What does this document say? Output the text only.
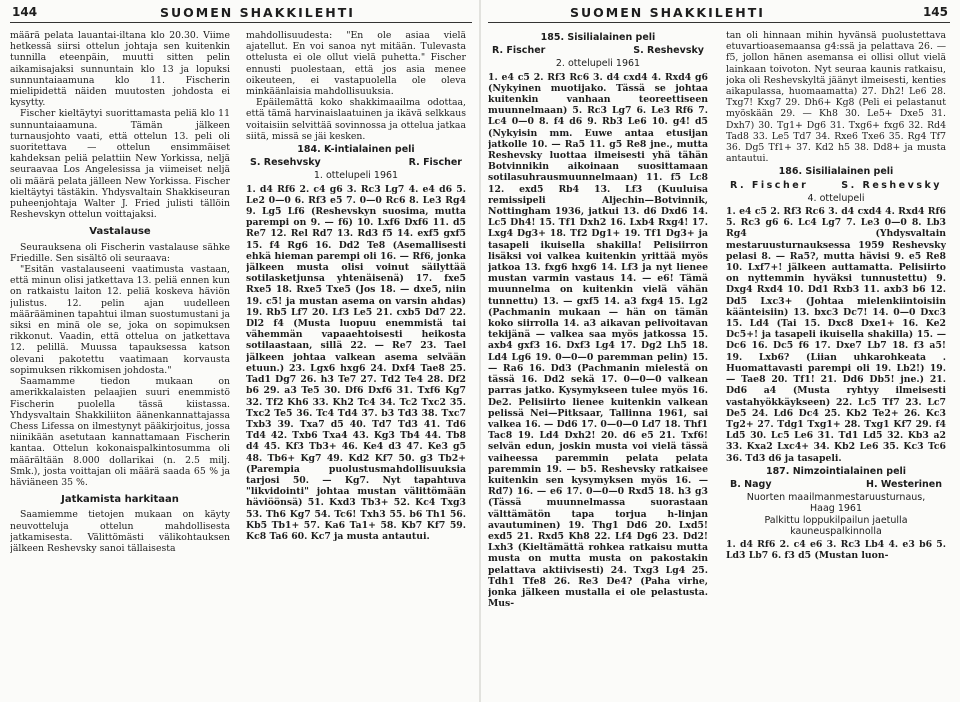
144	SUOMEN SHAKKILEHTI

määrä pelata lauantai-iltana klo 20.30. Viime hetkessä siirsi ottelun johtaja sen kuitenkin tunnilla eteenpäin, muutti sitten pelin aikamisajaksi sunnuntain klo 13 ja lopuksi sunnuntaiaamuna klo 11. Fischerin mielipidettä näiden muutosten johdosta ei kysytty.

Fischer kieltäytyi suorittamasta peliä klo 11 sunnuntaiaamuna. Tämän jälkeen turnausjohto vaati, että ottelun 13. peli oli suoritettava — ottelun ensimmäiset kahdeksan peliä pelattiin New Yorkissa, neljä seuraavaa Los Angelesissa ja viimeiset neljä oli määrä pelata jälleen New Yorkissa. Fischer kieltäytyi tästäkin. Yhdysvaltain Shakkiseuran puheenjohtaja Walter J. Fried julisti tällöin Reshevskyn ottelun voittajaksi.

Vastalause

Seurauksena oli Fischerin vastalause sähke Friedille. Sen sisältö oli seuraava:

"Esitän vastalauseeni vaatimusta vastaan, että minun olisi jatkettava 13. peliä ennen kun on ratkaistu laiton 12. peliä koskeva häviön julistus. 12. pelin ajan uudelleen määrääminen tapahtui ilman suostumustani ja siksi en minä ole se, joka on sopimuksen rikkonut. Vaadin, että ottelua on jatkettava 12. pelillä. Muussa tapauksessa katson olevani pakotettu vaatimaan korvausta sopimuksen rikkomisen johdosta."

Saamamme tiedon mukaan on amerikkalaisten pelaajien suuri enemmistö Fischerin puolella tässä kiistassa. Yhdysvaltain Shakkiliiton äänenkannattajassa Chess Lifessa on ilmestynyt pääkirjoitus, jossa niinikään asetutaan kannattamaan Fischerin kantaa. Ottelun kokonaispalkintosumma oli määrältään 8.000 dollarikai (n. 2.5 milj. Smk.), josta voittajan oli määrä saada 65 % ja häviäneen 35 %.

Jatkamista harkitaan

Saamiemme tietojen mukaan on käyty neuvotteluja ottelun mahdollisesta jatkamisesta. Välittömästi välikohtauksen jälkeen Reshevsky sanoi tällaisesta

mahdollisuudesta: "En ole asiaa vielä ajatellut. En voi sanoa nyt mitään. Tulevasta ottelusta ei ole ollut vielä puhetta." Fischer ennusti puolestaan, että jos asia menee oikeuteen, ei vastapuolella ole oleva minkäänlaisia mahdollisuuksia.

Epäilemättä koko shakkimaailma odottaa, että tämä harvinaislaatuinen ja ikävä selkkaus voitaisiin selvittää sovinnossa ja ottelua jatkaa siitä, missä se jäi kesken.

184. K-intialainen peli
S. Resehvsky	R. Fischer
1. ottelupeli 1961

1. d4 Rf6 2. c4 g6 3. Rc3 Lg7 4. e4 d6 5. Le2 0—0 6. Rf3 e5 7. 0—0 Rc6 8. Le3 Rg4 9. Lg5 Lf6 (Reshevskyn suosima, mutta parempi on 9. — f6) 10. Lxf6 Dxf6 11. d5 Re7 12. Rel Rd7 13. Rd3 f5 14. exf5 gxf5 15. f4 Rg6 16. Dd2 Te8 (Asemallisesti ehkä hieman parempi oli 16. — Rf6, jonka jälkeen musta olisi voinut säilyttää sotilasketjunsa yhtenäisenä) 17. fxe5 Rxe5 18. Rxe5 Txe5 (Jos 18. — dxe5, niin 19. c5! ja mustan asema on varsin ahdas) 19. Rb5 Lf7 20. Lf3 Le5 21. cxb5 Dd7 22. Dl2 f4 (Musta luopuu enemmistä tai vähemmän vapaaehtoisesti heikosta sotilaastaan, sillä 22. — Re7 23. Tael jälkeen johtaa valkean asema selvään etuun.) 23. Lgx6 hxg6 24. Dxf4 Tae8 25. Tad1 Dg7 26. h3 Te7 27. Td2 Te4 28. Df2 b6 29. a3 Te5 30. Df6 Dxf6 31. Txf6 Kg7 32. Tf2 Kh6 33. Kh2 Tc4 34. Tc2 Txc2 35. Txc2 Te5 36. Tc4 Td4 37. b3 Td3 38. Txc7 Txb3 39. Txa7 d5 40. Td7 Td3 41. Td6 Td4 42. Txb6 Txa4 43. Kg3 Tb4 44. Tb8 d4 45. Kf3 Tb3+ 46. Ke4 d3 47. Ke3 g5 48. Tb6+ Kg7 49. Kd2 Kf7 50. g3 Tb2+ (Parempia puolustusmahdollisuuksia tarjosi 50. — Kg7. Nyt tapahtuva "likvidointi" johtaa mustan välittömään häviöönsä) 51. Kxd3 Tb3+ 52. Kc4 Txg3 53. Th6 Kg7 54. Tc6! Txh3 55. b6 Th1 56. Kb5 Tb1+ 57. Ka6 Ta1+ 58. Kb7 Kf7 59. Kc8 Ta6 60. Kc7 ja musta antautui.

SUOMEN SHAKKILEHTI	145
185. Sisilialainen peli
R. Fischer	S. Reshevsky
2. ottelupeli 1961

1. e4 c5 2. Rf3 Rc6 3. d4 cxd4 4. Rxd4 g6 (Nykyinen muotijako. Tässä se johtaa kuitenkin vanhaan teoreettiseen muunnelmaan) 5. Rc3 Lg7 6. Le3 Rf6 7. Lc4 0—0 8. f4 d6 9. Rb3 Le6 10. g4! d5 (Nykyisin mm. Euwe antaa etusijan jatkolle 10. — Ra5 11. g5 Re8 jne., mutta Reshevsky luottaa ilmeisesti yhä tähän Botvinnikin aikoinaan suosittamaan sotilasuhrausmuunnelmaan) 11. f5 Lc8 12. exd5 Rb4 13. Lf3 (Kuuluisa remissipeli Aljechin—Botvinnik, Nottingham 1936, jatkui 13. d6 Dxd6 14. Lc5 Dh4! 15. Tf1 Dxh2 16. Lxb4 Rxg4! 17. Lxg4 Dg3+ 18. Tf2 Dg1+ 19. Tf1 Dg3+ ja tasapeli ikuisella shakilla! Pelisiirron lisäksi voi valkea kuitenkin yrittää myös jatkoa 13. fxg6 hxg6 14. Lf3 ja nyt lienee mustan varmin vastaus 14. — e6! Tämä muunnelma on kuitenkin vielä vähän tunnettu) 13. — gxf5 14. a3 fxg4 15. Lg2 (Pachmanin mukaan — hän on tämän koko siirrolla 14. a3 aikavan pelivoitavan tekijänä — valkea saa myös jatkossa 15. axb4 gxf3 16. Dxf3 Lg4 17. Dg2 Lh5 18. Ld4 Lg6 19. 0—0—0 paremman pelin) 15. — Ra6 16. Dd3 (Pachmanin mielestä on tässä 16. Dd2 sekä 17. 0—0—0 valkean parras jatko. Kysymykseen tulee myös 16. De2. Pelisiirto lienee kuitenkin valkean pelissä Nei—Pitksaar, Tallinna 1961, sai valkea 16. — Dd6 17. 0—0—0 Ld7 18. Thf1 Tac8 19. Ld4 Dxh2! 20. d6 e5 21. Txf6! selvän edun, joskin musta voi vielä tässä vaiheessa paremmin pelata pelata paremmin 19. — b5. Reshevsky ratkaisee kuitenkin sen kysymyksen myös 16. — Rd7) 16. — e6 17. 0—0—0 Rxd5 18. h3 g3 (Tässä muunnelmassa suorastaan välttämätön tapa torjua h-linjan avautuminen) 19. Thg1 Dd6 20. Lxd5! exd5 21. Rxd5 Kh8 22. Lf4 Dg6 23. Dd2! Lxh3 (Kieltämättä rohkea ratkaisu mutta musta on mutta musta on pakostakin pelattava aktiivisesti) 24. Txg3 Lg4 25. Tdh1 Tfe8 26. Re3 De4? (Paha virhe, jonka jälkeen mustalla ei ole pelastusta. Mus-

tan oli hinnaan mihin hyvänsä puolustettava etuvartioasemaansa g4:ssä ja pelattava 26. — f5, jollon hänen asemansa ei ollisi ollut vielä lainkaan toivoton. Nyt seuraa kaunis ratkaisu, joka oli Reshevskyltä jäänyt ilmeisesti, kenties aikapulassa, huomaamatta) 27. Dh2! Le6 28. Txg7! Kxg7 29. Dh6+ Kg8 (Peli ei pelastanut myöskään 29. — Kh8 30. Le5+ Dxe5 31. Dxh7) 30. Tg1+ Dg6 31. Txg6+ fxg6 32. Rd4 Tad8 33. Le5 Td7 34. Rxe6 Txe6 35. Rg4 Tf7 36. Dg5 Tf1+ 37. Kd2 h5 38. Dd8+ ja musta antautui.

186. Sisilialainen peli
R. Fischer	S. Reshevsky
4. ottelupeli

1. e4 c5 2. Rf3 Rc6 3. d4 cxd4 4. Rxd4 Rf6 5. Rc3 g6 6. Lc4 Lg7 7. Le3 0—0 8. Lb3 Rg4 (Yhdysvaltain mestaruusturnauksessa 1959 Reshevsky pelasi 8. — Ra5?, mutta hävisi 9. e5 Re8 10. Lxf7+! jälkeen auttamatta. Pelisiirto on nyttemmin hyväksi tunnustettu) 9. Dxg4 Rxd4 10. Dd1 Rxb3 11. axb3 b6 12. Dd5 Lxc3+ (Johtaa mielenkiintoisiin käänteisiin) 13. bxc3 Dc7! 14. 0—0 Dxc3 15. Ld4 (Tai 15. Dxc8 Dxe1+ 16. Ke2 Dc5+! ja tasapeli ikuisella shakilla) 15. — Dc6 16. Dc5 f6 17. Dxe7 Lb7 18. f3 a5! 19. Lxb6? (Liian uhkarohkeata . Huomattavasti parempi oli 19. Lb2!) 19. — Tae8 20. Tf1! 21. Dd6 Db5! jne.) 21. Dd6 a4 (Musta ryhtyy ilmeisesti vastahyökkäykseen) 22. Lc5 Tf7 23. Lc7 De5 24. Ld6 Dc4 25. Kb2 Te2+ 26. Kc3 Tg2+ 27. Tdg1 Txg1+ 28. Txg1 Kf7 29. f4 Ld5 30. Lc5 Le6 31. Td1 Ld5 32. Kb3 a2 33. Kxa2 Lxc4+ 34. Kb2 Le6 35. Kc3 Tc6 36. Td3 d6 ja tasapeli.

187. Nimzointialainen peli
B. Nagy	H. Westerinen
Nuorten maailmanmestaruusturnaus,
Haag 1961
Palkittu loppukilpailun jaetulla
kauneuspalkinnolla

1. d4 Rf6 2. c4 e6 3. Rc3 Lb4 4. e3 b6 5. Ld3 Lb7 6. f3 d5 (Mustan luon-
